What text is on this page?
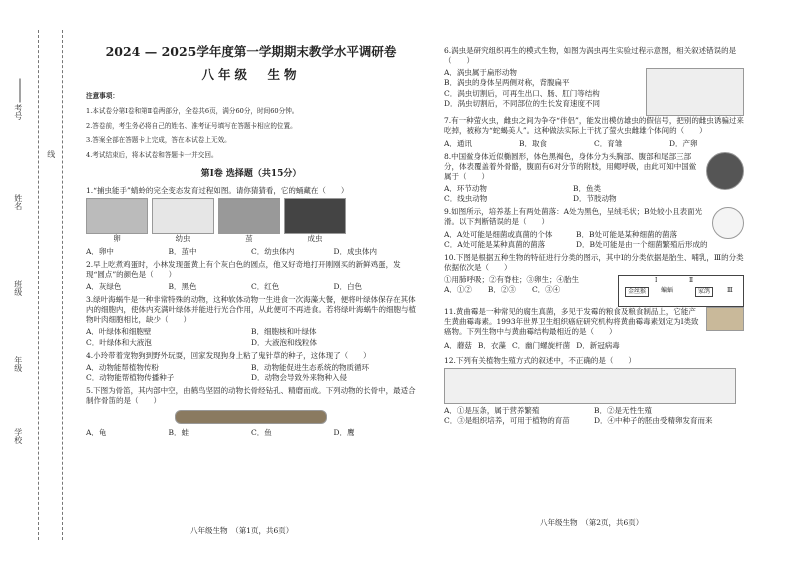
考号
姓名
班级
年级
学校
线

2024 — 2025学年度第一学期期末教学水平调研卷

八年级　生物

注意事项：

1.本试卷分第Ⅰ卷和第Ⅱ卷两部分，全卷共6页，满分60分，时间60分钟。

2.答卷前，考生务必将自己的姓名、准考证号填写在答题卡相应的位置。

3.答案全部在答题卡上完成，答在本试卷上无效。

4.考试结束后，将本试卷和答题卡一并交回。

第Ⅰ卷 选择题（共15分）

1.“捕虫能手”蜻蛉的完全变态发育过程如图。请你猜猜看，它的蛹藏在（　　）

卵	幼虫	茧	成虫
A．卵中	B．茧中	C．幼虫体内	D．成虫体内

2.早上吃煮鸡蛋时，小林发现蛋黄上有个灰白色的圆点，他又好奇地打开刚刚买的新鲜鸡蛋，发现“圆点”的颜色是（　　）

A．灰绿色	B．黑色	C．红色	D．白色

3.绿叶海蜗牛是一种非常特殊的动物，这种软体动物一生进食一次海藻大餐，便将叶绿体保存在其体内的细胞内，使体内充满叶绿体并能进行光合作用，从此便可不再进食。若将绿叶海蜗牛的细胞与植物叶肉细胞相比，缺少（　　）

A．叶绿体和细胞壁	B．细胞核和叶绿体
C．叶绿体和大液泡	D．大液泡和线粒体

4.小玲带着宠物狗到野外玩耍，回家发现狗身上粘了鬼针草的种子，这体现了（　　）

A．动物能帮植物传粉	B．动物能促进生态系统的物质循环
C．动物能帮植物传播种子	D．动物会导致外来物种入侵

5.下图为骨笛，其内部中空，由鹤鸟坚固的动物长骨经钻孔、精磨而成。下列动物的长骨中，最适合制作骨笛的是（　　）

A．龟	B．蛙	C．鱼	D．鹰
八年级生物　（第1页，共6页）

6.涡虫是研究组织再生的模式生物，如图为涡虫再生实验过程示意图，相关叙述错误的是（　　）

A．涡虫属于扁形动物
B．涡虫的身体呈两侧对称，背腹扁平
C．涡虫切割后，可再生出口、肠、肛门等结构
D．涡虫切割后，不同部位的生长发育速度不同

7.有一种萤火虫，雌虫之间为争夺“伴侣”，能发出模仿雄虫的假信号，把别的雌虫诱骗过来吃掉，被称为“蛇蝎美人”。这种做法实际上干扰了萤火虫雌雄个体间的（　　）

A．通讯	B．取食	C．育雏	D．产卵

8.中国鲎身体近似椭圆形，体色黑褐色，身体分为头胸部、腹部和尾部三部分，体表覆盖着外骨骼，腹面有6对分节的附肢，用鳃呼吸，由此可知中国鲎属于（　　）

A．环节动物	B．鱼类
C．线虫动物	D．节肢动物

9.如图所示，培养基上有两处菌落：A处为黑色，呈绒毛状；B处较小且表面光滑。以下判断错误的是（　　）

A．A处可能是细菌或真菌的个体	B．B处可能是某种细菌的菌落
C．A处可能是某种真菌的菌落	D．B处可能是由一个细菌繁殖后形成的

10.下图是根据五种生物的特征进行分类的图示，其中Ⅰ的分类依据是胎生、哺乳，Ⅲ的分类依据依次是（　　）

①用肺呼吸；②有脊柱；③卵生；④胎生
A．①② B．②③ C．③④
Ⅰ
金丝猴	蝙蝠
Ⅱ
家鸽	Ⅲ

11.黄曲霉是一种常见的腐生真菌，多见于发霉的粮食及粮食制品上，它能产生黄曲霉毒素。1993年世界卫生组织癌症研究机构将黄曲霉毒素划定为Ⅰ类致癌物。下列生物中与黄曲霉结构最相近的是（　　）

A．蘑菇 B．衣藻 C．幽门螺旋杆菌 D．新冠病毒

12.下列有关植物生殖方式的叙述中，不正确的是（　　）

A．①是压条，属于营养繁殖	B．②是无性生殖
C．③是组织培养，可用于植物的育苗	D．④中种子的胚由受精卵发育而来
八年级生物　（第2页，共6页）
